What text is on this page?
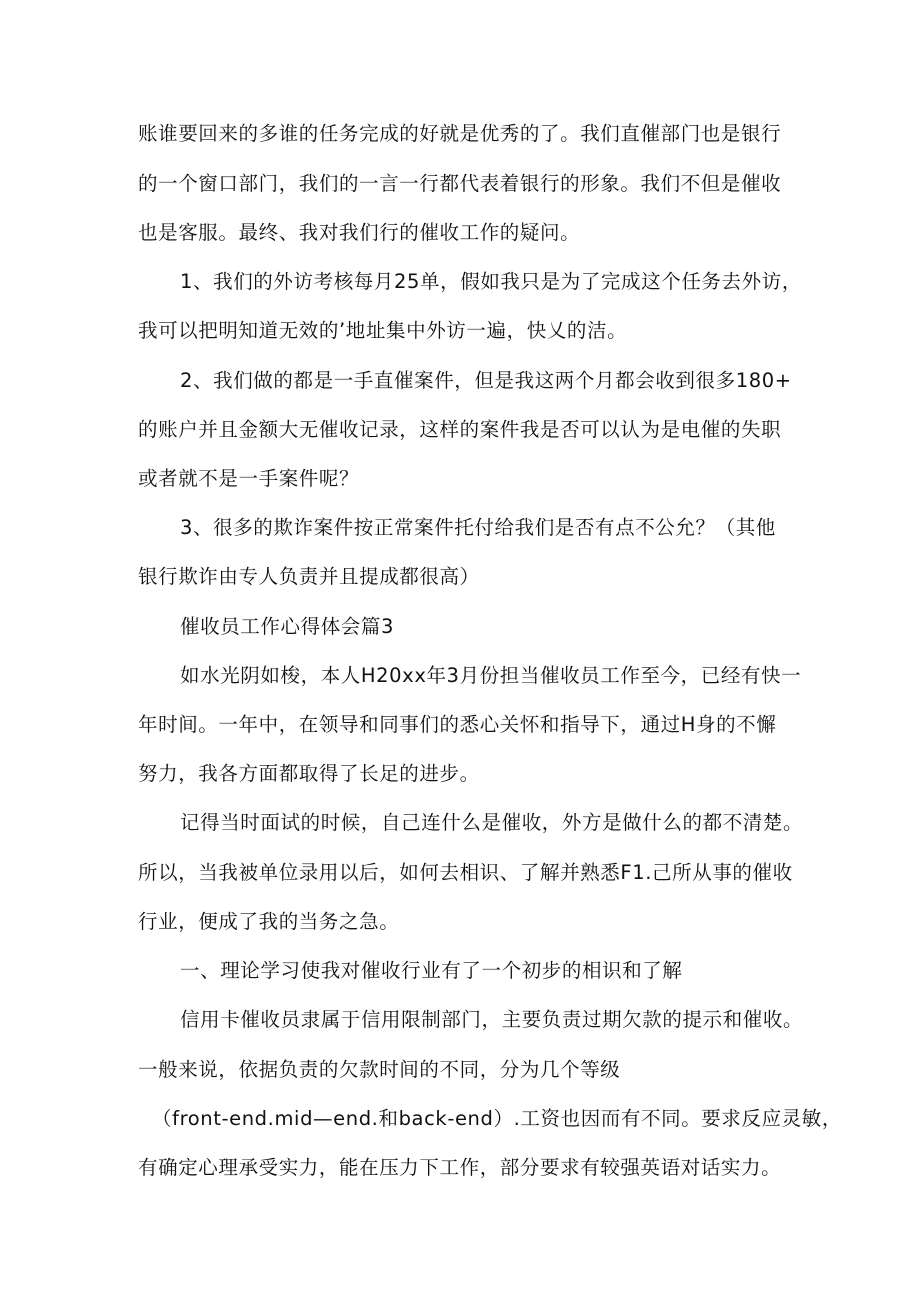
账谁要回来的多谁的任务完成的好就是优秀的了。我们直催部门也是银行
的一个窗口部门，我们的一言一行都代表着银行的形象。我们不但是催收
也是客服。最终、我对我们行的催收工作的疑问。
1、我们的外访考核每月25单，假如我只是为了完成这个任务去外访，
我可以把明知道无效的’地址集中外访一遍，快乂的洁。
2、我们做的都是一手直催案件，但是我这两个月都会收到很多180+
的账户并且金额大无催收记录，这样的案件我是否可以认为是电催的失职
或者就不是一手案件呢？
3、很多的欺诈案件按正常案件托付给我们是否有点不公允？（其他
银行欺诈由专人负责并且提成都很高）
催收员工作心得体会篇3
如水光阴如梭，本人H20xx年3月份担当催收员工作至今，已经有快一
年时间。一年中，在领导和同事们的悉心关怀和指导下，通过H身的不懈
努力，我各方面都取得了长足的进步。
记得当时面试的时候，自己连什么是催收，外方是做什么的都不清楚。
所以，当我被单位录用以后，如何去相识、了解并熟悉F1.己所从事的催收
行业，便成了我的当务之急。
一、理论学习使我对催收行业有了一个初步的相识和了解
信用卡催收员隶属于信用限制部门，主要负责过期欠款的提示和催收。
一般来说，依据负责的欠款时间的不同，分为几个等级
（front-end.mid—end.和back-end）.工资也因而有不同。要求反应灵敏，
有确定心理承受实力，能在压力下工作，部分要求有较强英语对话实力。
